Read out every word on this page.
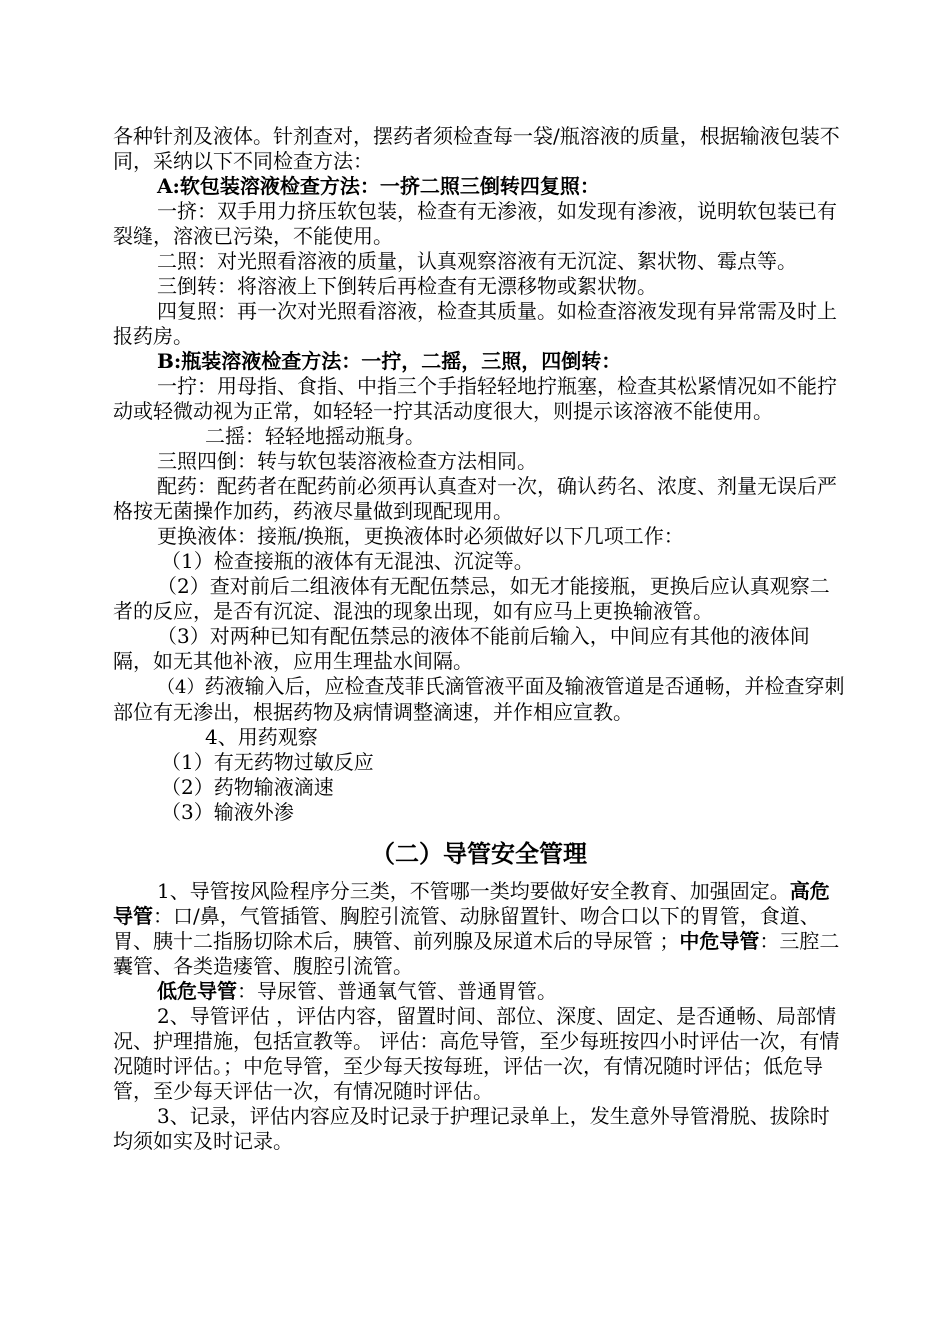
各种针剂及液体。针剂查对，摆药者须检查每一袋/瓶溶液的质量，根据输液包装不同，采纳以下不同检查方法：

A:软包装溶液检查方法：一挤二照三倒转四复照：

一挤：双手用力挤压软包装，检查有无渗液，如发现有渗液，说明软包装已有裂缝，溶液已污染，不能使用。

二照：对光照看溶液的质量，认真观察溶液有无沉淀、絮状物、霉点等。

三倒转：将溶液上下倒转后再检查有无漂移物或絮状物。

四复照：再一次对光照看溶液，检查其质量。如检查溶液发现有异常需及时上报药房。

B:瓶装溶液检查方法：一拧，二摇，三照，四倒转：

一拧：用母指、食指、中指三个手指轻轻地拧瓶塞，检查其松紧情况如不能拧动或轻微动视为正常，如轻轻一拧其活动度很大，则提示该溶液不能使用。

二摇：轻轻地摇动瓶身。

三照四倒：转与软包装溶液检查方法相同。

配药：配药者在配药前必须再认真查对一次，确认药名、浓度、剂量无误后严格按无菌操作加药，药液尽量做到现配现用。

更换液体：接瓶/换瓶，更换液体时必须做好以下几项工作：

（1）检查接瓶的液体有无混浊、沉淀等。

（2）查对前后二组液体有无配伍禁忌，如无才能接瓶，更换后应认真观察二者的反应，是否有沉淀、混浊的现象出现，如有应马上更换输液管。

（3）对两种已知有配伍禁忌的液体不能前后输入，中间应有其他的液体间隔，如无其他补液，应用生理盐水间隔。

（4）药液输入后，应检查茂菲氏滴管液平面及输液管道是否通畅，并检查穿刺部位有无渗出，根据药物及病情调整滴速，并作相应宣教。

4、用药观察

（1）有无药物过敏反应

（2）药物输液滴速

（3）输液外渗

（二）导管安全管理

1、导管按风险程序分三类，不管哪一类均要做好安全教育、加强固定。高危导管：口/鼻，气管插管、胸腔引流管、动脉留置针、吻合口以下的胃管，食道、胃、胰十二指肠切除术后，胰管、前列腺及尿道术后的导尿管 ；中危导管：三腔二囊管、各类造瘘管、腹腔引流管。

低危导管：导尿管、普通氧气管、普通胃管。

2、导管评估 ，评估内容，留置时间、部位、深度、固定、是否通畅、局部情况、护理措施，包括宣教等。 评估：高危导管，至少每班按四小时评估一次，有情况随时评估。；中危导管，至少每天按每班，评估一次，有情况随时评估；低危导管，至少每天评估一次，有情况随时评估。

3、记录，评估内容应及时记录于护理记录单上，发生意外导管滑脱、拔除时均须如实及时记录。
